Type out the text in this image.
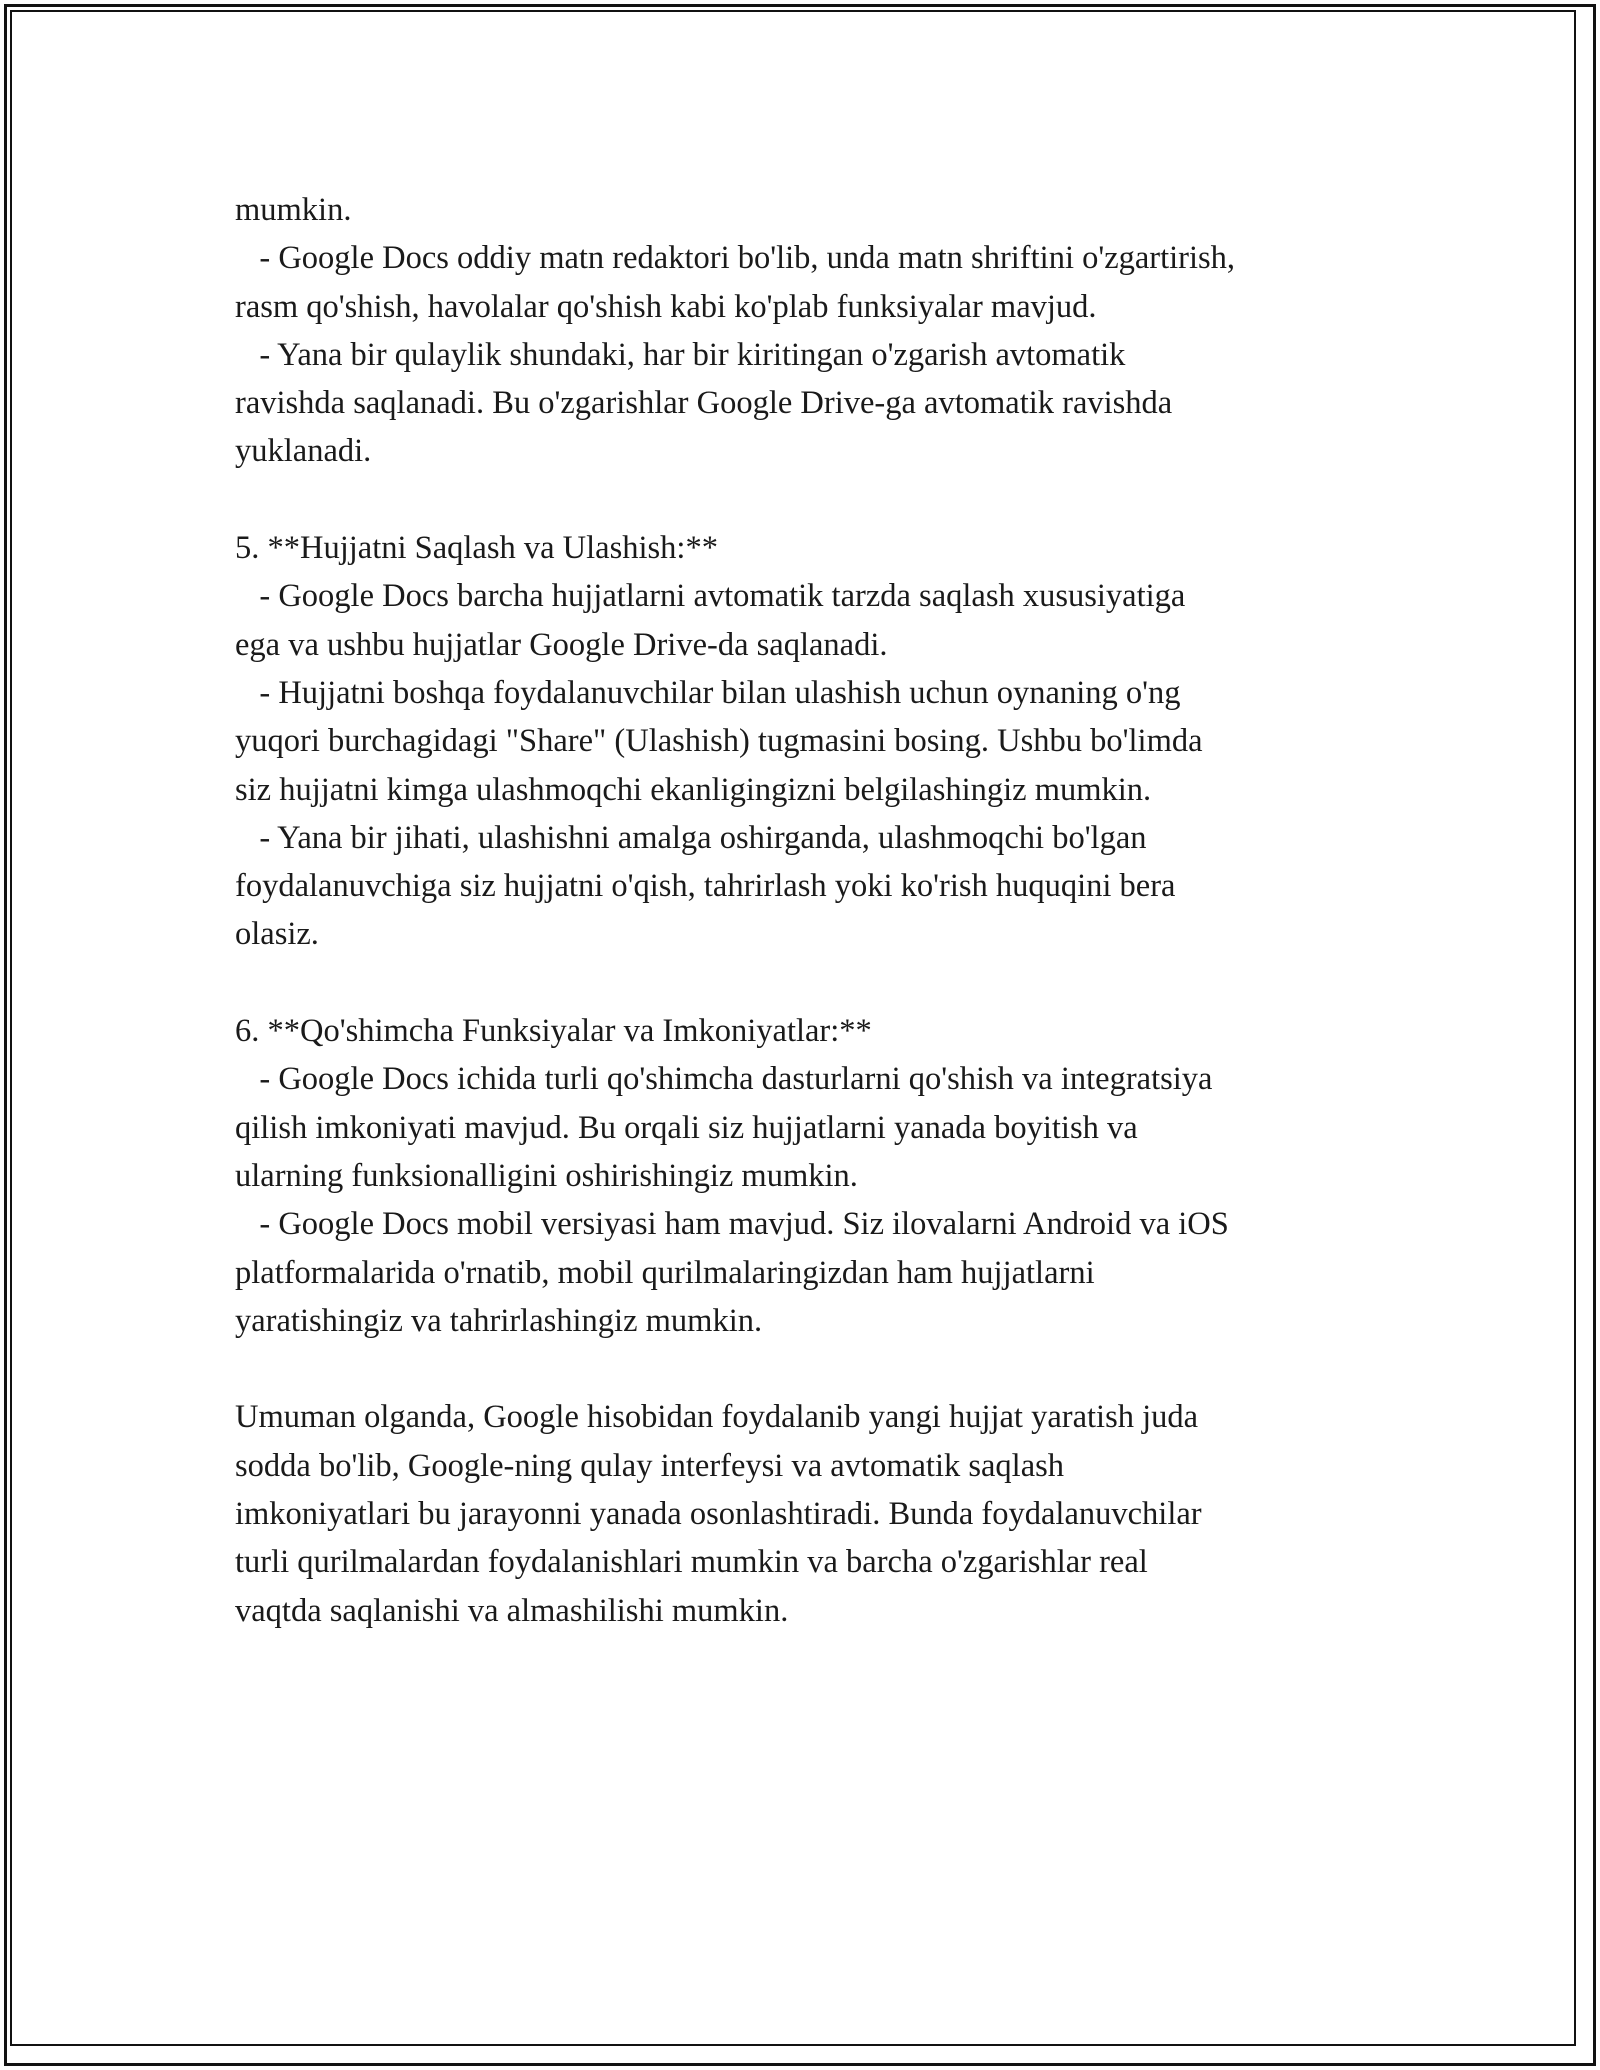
mumkin.
- Google Docs oddiy matn redaktori bo'lib, unda matn shriftini o'zgartirish,
rasm qo'shish, havolalar qo'shish kabi ko'plab funksiyalar mavjud.
- Yana bir qulaylik shundaki, har bir kiritingan o'zgarish avtomatik
ravishda saqlanadi. Bu o'zgarishlar Google Drive-ga avtomatik ravishda
yuklanadi.
5. **Hujjatni Saqlash va Ulashish:**
- Google Docs barcha hujjatlarni avtomatik tarzda saqlash xususiyatiga
ega va ushbu hujjatlar Google Drive-da saqlanadi.
- Hujjatni boshqa foydalanuvchilar bilan ulashish uchun oynaning o'ng
yuqori burchagidagi "Share" (Ulashish) tugmasini bosing. Ushbu bo'limda
siz hujjatni kimga ulashmoqchi ekanligingizni belgilashingiz mumkin.
- Yana bir jihati, ulashishni amalga oshirganda, ulashmoqchi bo'lgan
foydalanuvchiga siz hujjatni o'qish, tahrirlash yoki ko'rish huquqini bera
olasiz.
6. **Qo'shimcha Funksiyalar va Imkoniyatlar:**
- Google Docs ichida turli qo'shimcha dasturlarni qo'shish va integratsiya
qilish imkoniyati mavjud. Bu orqali siz hujjatlarni yanada boyitish va
ularning funksionalligini oshirishingiz mumkin.
- Google Docs mobil versiyasi ham mavjud. Siz ilovalarni Android va iOS
platformalarida o'rnatib, mobil qurilmalaringizdan ham hujjatlarni
yaratishingiz va tahrirlashingiz mumkin.
Umuman olganda, Google hisobidan foydalanib yangi hujjat yaratish juda
sodda bo'lib, Google-ning qulay interfeysi va avtomatik saqlash
imkoniyatlari bu jarayonni yanada osonlashtiradi. Bunda foydalanuvchilar
turli qurilmalardan foydalanishlari mumkin va barcha o'zgarishlar real
vaqtda saqlanishi va almashilishi mumkin.
